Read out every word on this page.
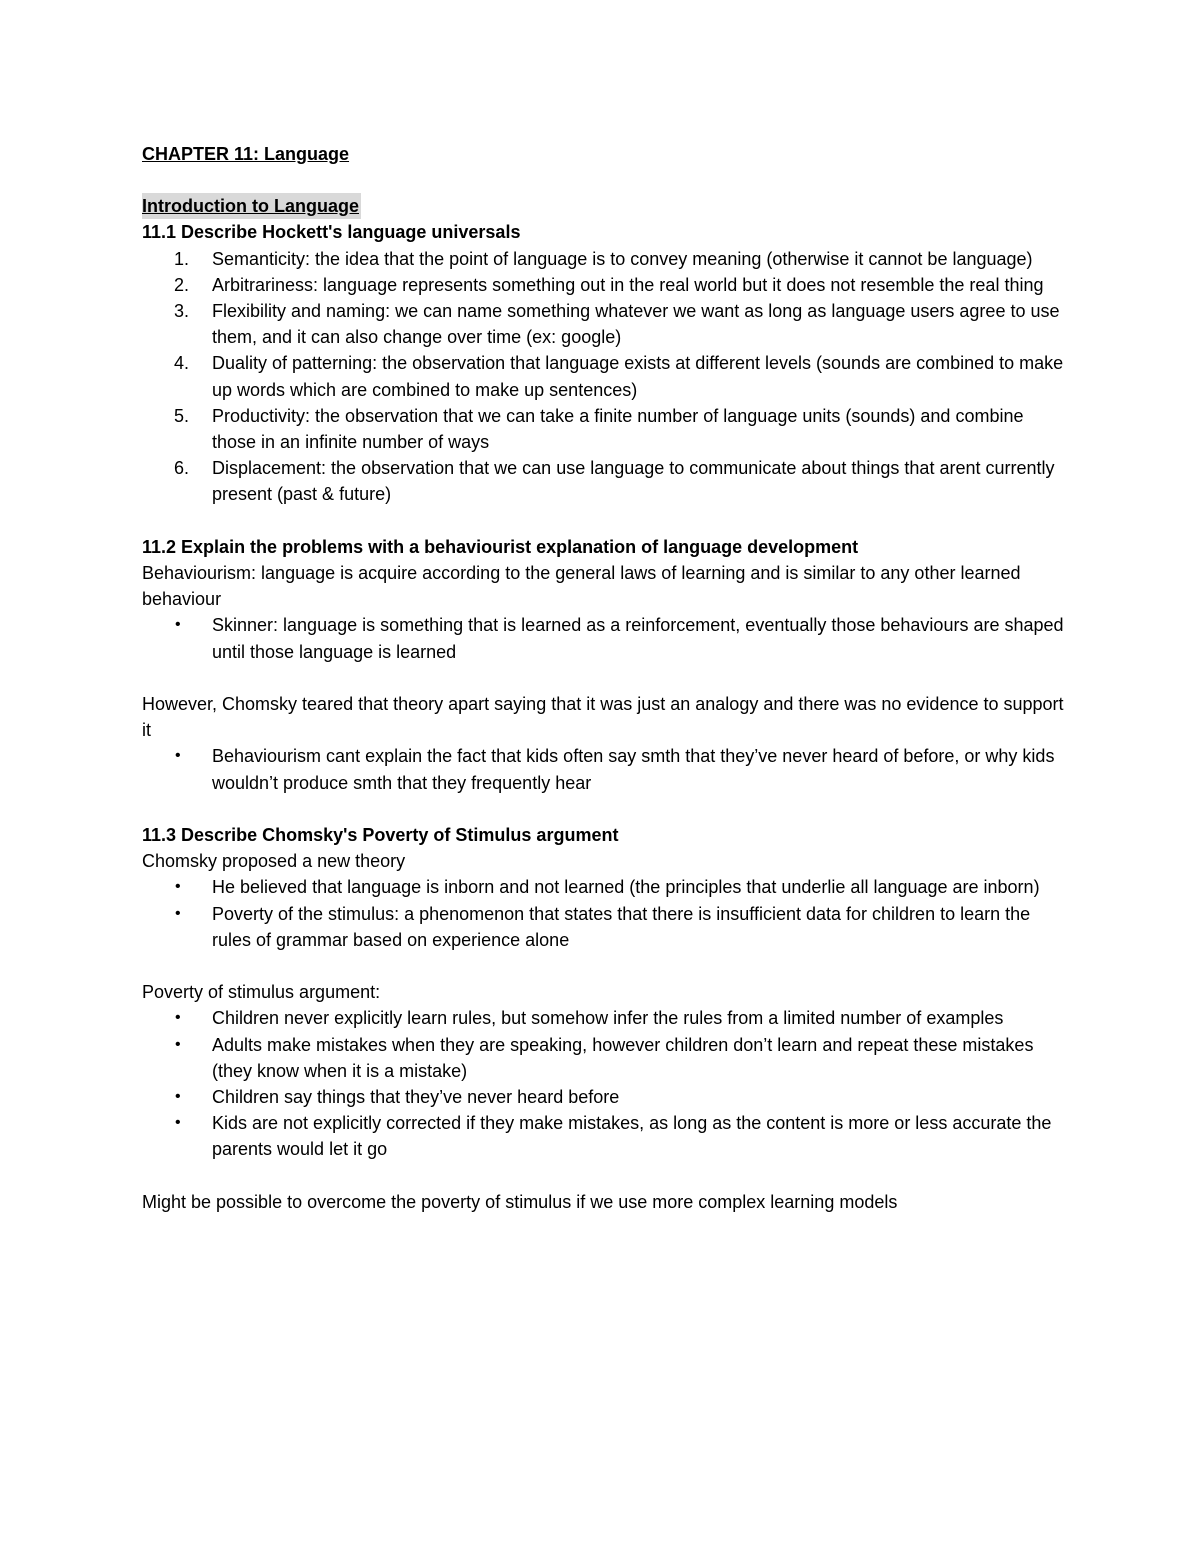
CHAPTER 11: Language
Introduction to Language
11.1 Describe Hockett's language universals
1. Semanticity: the idea that the point of language is to convey meaning (otherwise it cannot be language)
2. Arbitrariness: language represents something out in the real world but it does not resemble the real thing
3. Flexibility and naming: we can name something whatever we want as long as language users agree to use them, and it can also change over time (ex: google)
4. Duality of patterning: the observation that language exists at different levels (sounds are combined to make up words which are combined to make up sentences)
5. Productivity: the observation that we can take a finite number of language units (sounds) and combine those in an infinite number of ways
6. Displacement: the observation that we can use language to communicate about things that arent currently present (past & future)
11.2 Explain the problems with a behaviourist explanation of language development

Behaviourism: language is acquire according to the general laws of learning and is similar to any other learned behaviour

• Skinner: language is something that is learned as a reinforcement, eventually those behaviours are shaped until those language is learned

However, Chomsky teared that theory apart saying that it was just an analogy and there was no evidence to support it

• Behaviourism cant explain the fact that kids often say smth that they’ve never heard of before, or why kids wouldn’t produce smth that they frequently hear
11.3 Describe Chomsky's Poverty of Stimulus argument

Chomsky proposed a new theory

• He believed that language is inborn and not learned (the principles that underlie all language are inborn)
• Poverty of the stimulus: a phenomenon that states that there is insufficient data for children to learn the rules of grammar based on experience alone

Poverty of stimulus argument:

• Children never explicitly learn rules, but somehow infer the rules from a limited number of examples
• Adults make mistakes when they are speaking, however children don’t learn and repeat these mistakes (they know when it is a mistake)
• Children say things that they’ve never heard before
• Kids are not explicitly corrected if they make mistakes, as long as the content is more or less accurate the parents would let it go

Might be possible to overcome the poverty of stimulus if we use more complex learning models
